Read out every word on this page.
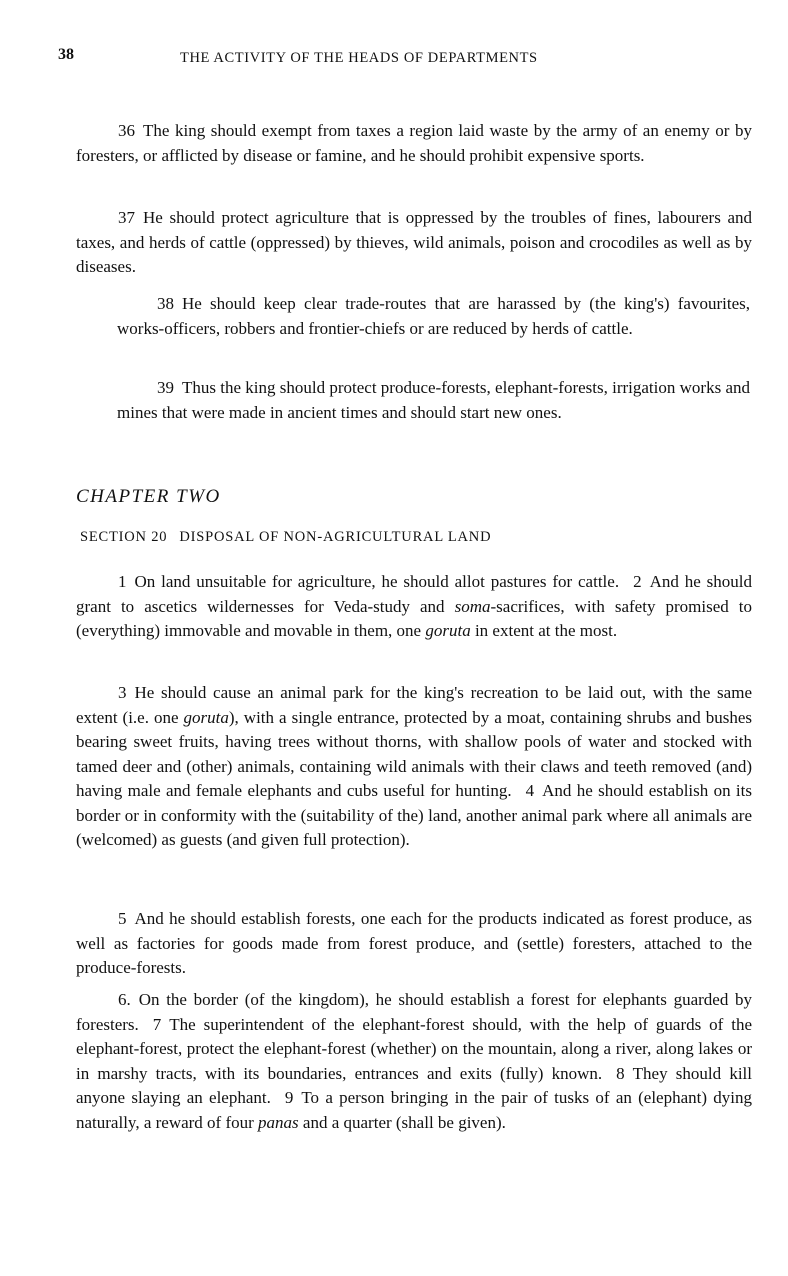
38	THE ACTIVITY OF THE HEADS OF DEPARTMENTS

36 The king should exempt from taxes a region laid waste by the army of an enemy or by foresters, or afflicted by disease or famine, and he should prohibit expensive sports.

37 He should protect agriculture that is oppressed by the troubles of fines, labourers and taxes, and herds of cattle (oppressed) by thieves, wild animals, poison and crocodiles as well as by diseases.

38 He should keep clear trade-routes that are harassed by (the king's) favourites, works-officers, robbers and frontier-chiefs or are reduced by herds of cattle.

39 Thus the king should protect produce-forests, elephant-forests, irrigation works and mines that were made in ancient times and should start new ones.

CHAPTER TWO
SECTION 20 DISPOSAL OF NON-AGRICULTURAL LAND

1 On land unsuitable for agriculture, he should allot pastures for cattle. 2 And he should grant to ascetics wildernesses for Veda-study and soma-sacrifices, with safety promised to (everything) immovable and movable in them, one goruta in extent at the most.

3 He should cause an animal park for the king's recreation to be laid out, with the same extent (i.e. one goruta), with a single entrance, protected by a moat, containing shrubs and bushes bearing sweet fruits, having trees without thorns, with shallow pools of water and stocked with tamed deer and (other) animals, containing wild animals with their claws and teeth removed (and) having male and female elephants and cubs useful for hunting. 4 And he should establish on its border or in conformity with the (suitability of the) land, another animal park where all animals are (welcomed) as guests (and given full protection).

5 And he should establish forests, one each for the products indicated as forest produce, as well as factories for goods made from forest produce, and (settle) foresters, attached to the produce-forests.

6. On the border (of the kingdom), he should establish a forest for elephants guarded by foresters. 7 The superintendent of the elephant-forest should, with the help of guards of the elephant-forest, protect the elephant-forest (whether) on the mountain, along a river, along lakes or in marshy tracts, with its boundaries, entrances and exits (fully) known. 8 They should kill anyone slaying an elephant. 9 To a person bringing in the pair of tusks of an (elephant) dying naturally, a reward of four panas and a quarter (shall be given).
